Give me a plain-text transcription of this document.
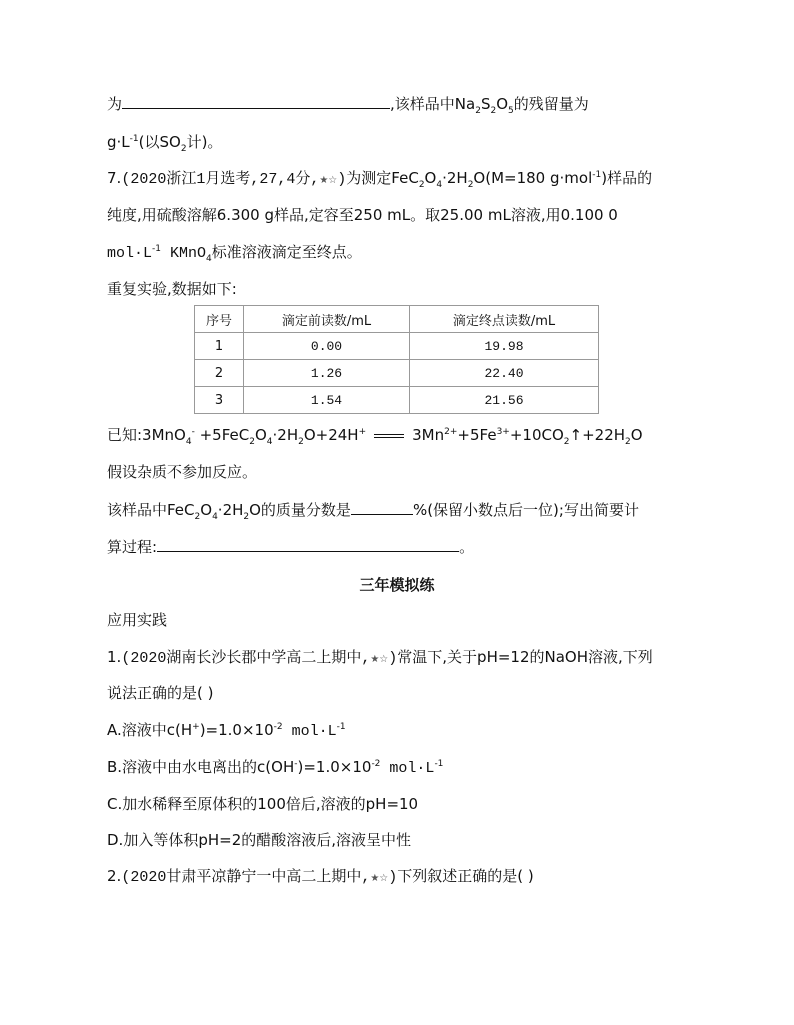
为	,该样品中$Na_2S_2O_5$的残留量为
$g\cdot L^{-1}$(以$SO_2$计)。
7.(2020浙江1月选考,27,4分,★☆)为测定$FeC_2O_4\cdot 2H_2O(M=180$ g·mol$^{-1}$)样品的
纯度,用硫酸溶解6.300 g样品,定容至250 mL。取25.00 mL溶液,用0.100 0
$mol\cdot L^{-1}$ KMnO$_4$标准溶液滴定至终点。
重复实验,数据如下:
序号	滴定前读数/mL	滴定终点读数/mL
1	0.00	19.98
2	1.26	22.40
3	1.54	21.56
已知:3MnO$_4$- $+5FeC_2O_4\cdot 2H_2O+24H^+$	$3Mn^{2+}+5Fe^{3+}+10CO_2↑+22H_2O$
假设杂质不参加反应。
该样品中$FeC_2O_4\cdot 2H_2O$的质量分数是	%(保留小数点后一位);写出简要计
算过程:	。
三年模拟练
应用实践
1.(2020湖南长沙长郡中学高二上期中,★☆)常温下,关于pH=12的NaOH溶液,下列
说法正确的是( )
A.溶液中$c(H^+)=1.0\times 10^{-2}$ $mol\cdot L^{-1}$
B.溶液中由水电离出的$c(OH^-)=1.0\times 10^{-2}$ $mol\cdot L^{-1}$
C.加水稀释至原体积的100倍后,溶液的pH=10
D.加入等体积pH=2的醋酸溶液后,溶液呈中性
2.(2020甘肃平凉静宁一中高二上期中,★☆)下列叙述正确的是( )
